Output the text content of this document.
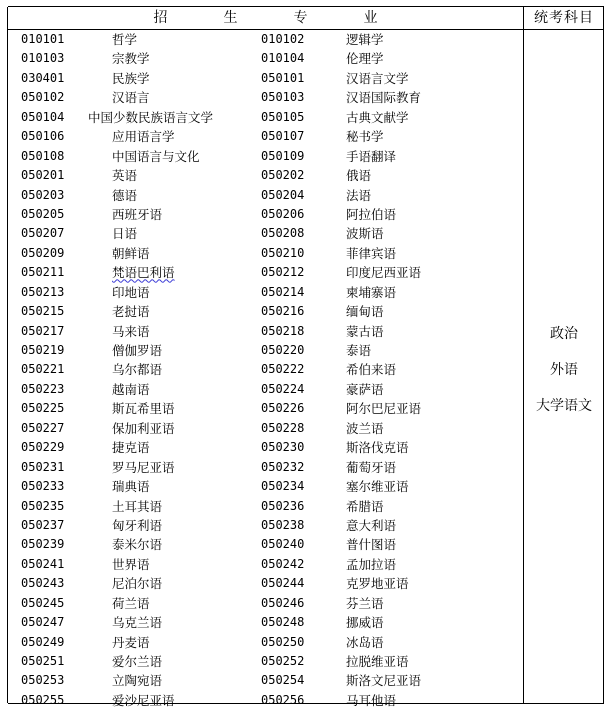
招	生	专	业	统考科目
010101	哲学	010102	逻辑学
010103	宗教学	010104	伦理学
030401	民族学	050101	汉语言文学
050102	汉语言	050103	汉语国际教育
050104 中国少数民族语言文学	050105	古典文献学
050106	应用语言学	050107	秘书学
050108	中国语言与文化	050109	手语翻译
050201	英语	050202	俄语
050203	德语	050204	法语
050205	西班牙语	050206	阿拉伯语
050207	日语	050208	波斯语
050209	朝鲜语	050210	菲律宾语
050211	梵语巴利语	050212	印度尼西亚语
050213	印地语	050214	柬埔寨语
050215	老挝语	050216	缅甸语
050217	马来语	050218	蒙古语
050219	僧伽罗语	050220	泰语
050221	乌尔都语	050222	希伯来语
050223	越南语	050224	豪萨语
050225	斯瓦希里语	050226	阿尔巴尼亚语
050227	保加利亚语	050228	波兰语
050229	捷克语	050230	斯洛伐克语
050231	罗马尼亚语	050232	葡萄牙语
050233	瑞典语	050234	塞尔维亚语
050235	土耳其语	050236	希腊语
050237	匈牙利语	050238	意大利语
050239	泰米尔语	050240	普什图语
050241	世界语	050242	孟加拉语
050243	尼泊尔语	050244	克罗地亚语
050245	荷兰语	050246	芬兰语
050247	乌克兰语	050248	挪威语
050249	丹麦语	050250	冰岛语
050251	爱尔兰语	050252	拉脱维亚语
050253	立陶宛语	050254	斯洛文尼亚语
050255	爱沙尼亚语	050256	马耳他语
政治
外语
大学语文
